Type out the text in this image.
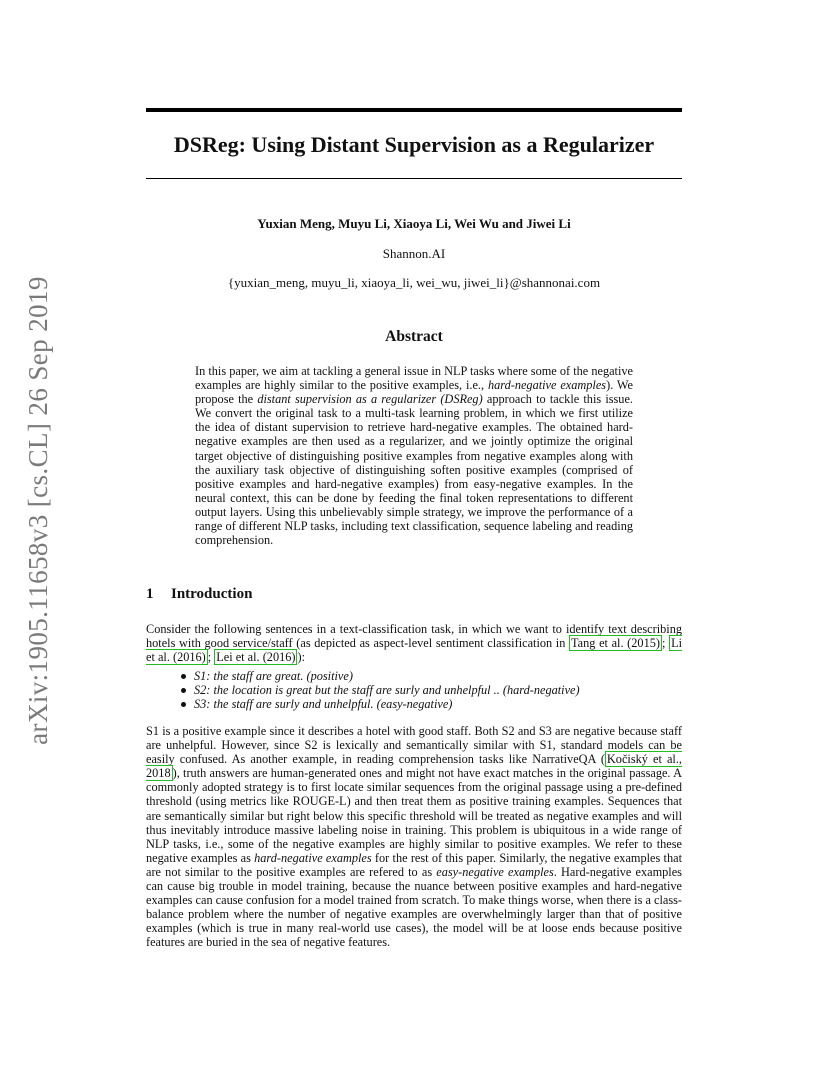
arXiv:1905.11658v3 [cs.CL] 26 Sep 2019
DSReg: Using Distant Supervision as a Regularizer
Yuxian Meng, Muyu Li, Xiaoya Li, Wei Wu and Jiwei Li
Shannon.AI
{yuxian_meng, muyu_li, xiaoya_li, wei_wu, jiwei_li}@shannonai.com
Abstract

In this paper, we aim at tackling a general issue in NLP tasks where some of the negative examples are highly similar to the positive examples, i.e., hard-negative examples). We propose the distant supervision as a regularizer (DSReg) approach to tackle this issue. We convert the original task to a multi-task learning problem, in which we first utilize the idea of distant supervision to retrieve hard-negative examples. The obtained hard-negative examples are then used as a regularizer, and we jointly optimize the original target objective of distinguishing positive examples from negative examples along with the auxiliary task objective of distinguishing soften positive examples (comprised of positive examples and hard-negative examples) from easy-negative examples. In the neural context, this can be done by feeding the final token representations to different output layers. Using this unbelievably simple strategy, we improve the performance of a range of different NLP tasks, including text classification, sequence labeling and reading comprehension.

1 Introduction

Consider the following sentences in a text-classification task, in which we want to identify text describing hotels with good service/staff (as depicted as aspect-level sentiment classification in Tang et al. (2015) ; Li et al. (2016) ; Lei et al. (2016) ):

S1: the staff are great. (positive)
S2: the location is great but the staff are surly and unhelpful .. (hard-negative)
S3: the staff are surly and unhelpful. (easy-negative)

S1 is a positive example since it describes a hotel with good staff. Both S2 and S3 are negative because staff are unhelpful. However, since S2 is lexically and semantically similar with S1, standard models can be easily confused. As another example, in reading comprehension tasks like NarrativeQA ( Kočiský et al., 2018 ), truth answers are human-generated ones and might not have exact matches in the original passage. A commonly adopted strategy is to first locate similar sequences from the original passage using a pre-defined threshold (using metrics like ROUGE-L) and then treat them as positive training examples. Sequences that are semantically similar but right below this specific threshold will be treated as negative examples and will thus inevitably introduce massive labeling noise in training. This problem is ubiquitous in a wide range of NLP tasks, i.e., some of the negative examples are highly similar to positive examples. We refer to these negative examples as hard-negative examples for the rest of this paper. Similarly, the negative examples that are not similar to the positive examples are refered to as easy-negative examples. Hard-negative examples can cause big trouble in model training, because the nuance between positive examples and hard-negative examples can cause confusion for a model trained from scratch. To make things worse, when there is a class-balance problem where the number of negative examples are overwhelmingly larger than that of positive examples (which is true in many real-world use cases), the model will be at loose ends because positive features are buried in the sea of negative features.
